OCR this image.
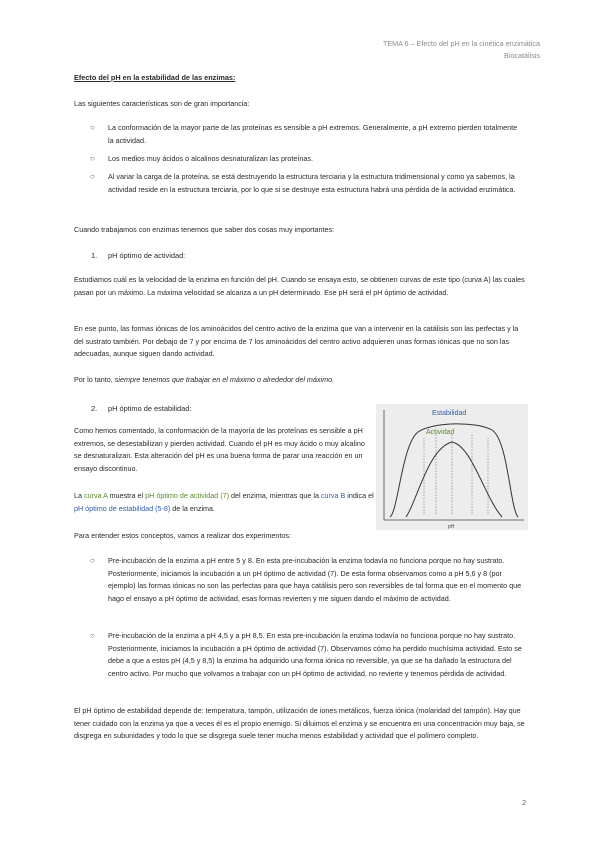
TEMA 6 – Efecto del pH en la cinética enzimática
Biocatálisis
Efecto del pH en la estabilidad de las enzimas:
Las siguientes características son de gran importancia:
○ La conformación de la mayor parte de las proteínas es sensible a pH extremos. Generalmente, a pH extremo pierden totalmente la actividad.
○ Los medios muy ácidos o alcalinos desnaturalizan las proteínas.
○ Al variar la carga de la proteína, se está destruyendo la estructura terciaria y la estructura tridimensional y como ya sabemos, la actividad reside en la estructura terciaria, por lo que si se destruye esta estructura habrá una pérdida de la actividad enzimática.
Cuando trabajamos con enzimas tenemos que saber dos cosas muy importantes:
1. pH óptimo de actividad:
Estudiamos cuál es la velocidad de la enzima en función del pH. Cuando se ensaya esto, se obtienen curvas de este tipo (curva A) las cuales pasan por un máximo. La máxima velocidad se alcanza a un pH determinado. Ese pH será el pH óptimo de actividad.
En ese punto, las formas iónicas de los aminoácidos del centro activo de la enzima que van a intervenir en la catálisis son las perfectas y la del sustrato también. Por debajo de 7 y por encima de 7 los aminoácidos del centro activo adquieren unas formas iónicas que no son las adecuadas, aunque siguen dando actividad.
Por lo tanto, siempre tenemos que trabajar en el máximo o alrededor del máximo.
2. pH óptimo de estabilidad:
Como hemos comentado, la conformación de la mayoría de las proteínas es sensible a pH extremos, se desestabilizan y pierden actividad. Cuando el pH es muy ácido o muy alcalino se desnaturalizan. Esta alteración del pH es una buena forma de parar una reacción en un ensayo discontinuo.
La curva A muestra el pH óptimo de actividad (7) del enzima, mientras que la curva B indica el pH óptimo de estabilidad (5-8) de la enzima.
Estabilidad
Actividad
pH
Para entender estos conceptos, vamos a realizar dos experimentos:
○ Pre-incubación de la enzima a pH entre 5 y 8. En esta pre-incubación la enzima todavía no funciona porque no hay sustrato. Posteriormente, iniciamos la incubación a un pH óptimo de actividad (7). De esta forma observamos como a pH 5,6 y 8 (por ejemplo) las formas iónicas no son las perfectas para que haya catálisis pero son reversibles de tal forma que en el momento que hago el ensayo a pH óptimo de actividad, esas formas revierten y me siguen dando el máximo de actividad.
○ Pre-incubación de la enzima a pH 4,5 y a pH 8,5. En esta pre-incubación la enzima todavía no funciona porque no hay sustrato. Posteriormente, iniciamos la incubación a pH óptimo de actividad (7). Observamos cómo ha perdido muchísima actividad. Esto se debe a que a estos pH (4,5 y 8,5) la enzima ha adquirido una forma iónica no reversible, ya que se ha dañado la estructura del centro activo. Por mucho que volvamos a trabajar con un pH óptimo de actividad, no revierte y tenemos pérdida de actividad.
El pH óptimo de estabilidad depende de: temperatura, tampón, utilización de iones metálicos, fuerza iónica (molaridad del tampón). Hay que tener cuidado con la enzima ya que a veces él es el propio enemigo. Si diluimos el enzima y se encuentra en una concentración muy baja, se disgrega en subunidades y todo lo que se disgrega suele tener mucha menos estabilidad y actividad que el polímero completo.
2
